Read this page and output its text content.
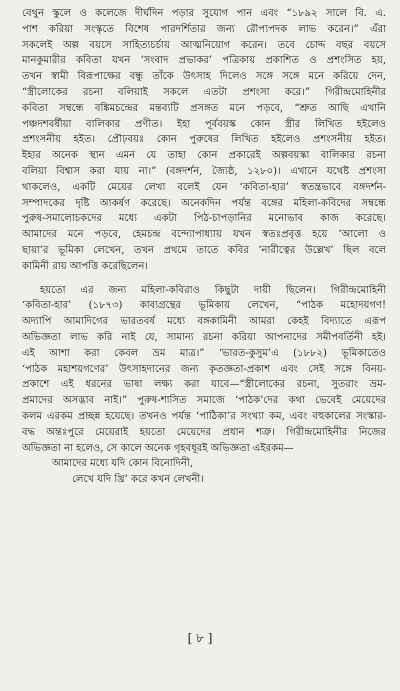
বেথুন স্কুলে ও কলেজে দীর্ঘদিন পড়ার সুযোগ পান এবং “১৮৯২ সালে বি. এ.
পাশ করিয়া সংস্কৃতে বিশেষ পারদর্শিতার জন্য রৌপ্যপদক লাভ করেন।” এঁরা
সকলেই অল্প বয়সে সাহিত্যচর্চায় আত্মনিয়োগ করেন। তবে চোদ্দ বছর বয়সে
মানকুমারীর কবিতা যখন ‘সংবাদ প্রভাকর’ পত্রিকায় প্রকাশিত ও প্রশংসিত হয়,
তখন স্বামী বিরূপাক্ষের বন্ধু তাঁকে উৎসাহ দিলেও সঙ্গে সঙ্গে মনে করিয়ে দেন,
“স্ত্রীলোকের রচনা বলিয়াই সকলে এতটা প্রশংসা করে।” গিরীন্দ্রমোহিনীর
কবিতা সম্বন্ধে বঙ্কিমচন্দ্রের মন্তব্যটি প্রসঙ্গত মনে পড়বে, “শ্রুত আছি এখানি
পঞ্চদশবর্ষীয়া বালিকার প্রণীত। ইহা পূর্ববয়স্ক কোন স্ত্রীর লিখিত হইলেও
প্রশংসনীয় হইত। প্রৌঢ়বয়ঃ কোন পুরুষের লিখিত হইলেও প্রশংসনীয় হইত।
ইহার অনেক স্থান এমন যে তাহা কোন প্রকারেই অল্পবয়স্কা বালিকার রচনা
বলিয়া বিশ্বাস করা যায় না।” (বঙ্গদর্শন, জ্যৈষ্ঠ, ১২৮০)। এখানে যথেষ্ট প্রশংসা
থাকলেও, একটি মেয়ের লেখা বলেই যেন ‘কবিতা-হার’ স্বতন্ত্রভাবে বঙ্গদর্শন-
সম্পাদকের দৃষ্টি আকর্ষণ করেছে। অনেকদিন পর্যন্ত বঙ্গের মহিলা-কবিদের সম্বন্ধে
পুরুষ-সমালোচকদের মধ্যে একটা পিঠ-চাপড়ানির মনোভাব কাজ করেছে।
আমাদের মনে পড়বে, হেমচন্দ্র বন্দ্যোপাধ্যায় যখন স্বতঃপ্রবৃত্ত হয়ে ‘আলো ও
ছায়া’র ভূমিকা লেখেন, তখন প্রথমে তাতে কবির ‘নারীত্বের উল্লেখ’ ছিল বলে
কামিনী রায় আপত্তি করেছিলেন।
হয়তো এর জন্য মহিলা-কবিরাও কিছুটা দায়ী ছিলেন। গিরীন্দ্রমোহিনী
‘কবিতা-হার’ (১৮৭৩) কাব্যগ্রন্থের ভূমিকায় লেখেন, “পাঠক মহোদয়গণ!
অদ্যাপি আমাদিগের ভারতবর্ষ মধ্যে বঙ্গকামিনী আমরা কেহই বিদ্যাতে এরূপ
অভিজ্ঞতা লাভ করি নাই যে, সামান্য রচনা করিয়া আপনাদের সমীপবর্তিনী হই।
এই আশা করা কেবল ভ্রম মাত্র।” ‘ভারত-কুসুম’এ (১৮৮২) ভূমিকাতেও
‘পাঠক মহাশয়গণের’ উৎসাহদানের জন্য কৃতজ্ঞতা-প্রকাশ এবং সেই সঙ্গে বিনয়-
প্রকাশে এই ধরনের ভাষা লক্ষ্য করা যাবে—“স্ত্রীলোকের রচনা, সুতরাং ভ্রম-
প্রমাদের অসদ্ভাব নাই।” পুরুষ-শাসিত সমাজে ‘পাঠক’দের কথা ভেবেই মেয়েদের
কলম এরকম প্রচ্ছন্ন হয়েছে। তখনও পর্যন্ত ‘পাঠিকা’র সংখ্যা কম, এবং বহুকালের সংস্কার-
বদ্ধ অন্তঃপুরে মেয়েরাই হয়তো মেয়েদের প্রধান শত্রু। গিরীন্দ্রমোহিনীর নিজের
অভিজ্ঞতা না হলেও, সে কালে অনেক গৃহবধূরই অভিজ্ঞতা এইরকম—
আমাদের মধ্যে যদি কোন বিনোদিনী,
লেখে যদি খ্রি’ করে কখন লেখনী।
[ ৮ ]
